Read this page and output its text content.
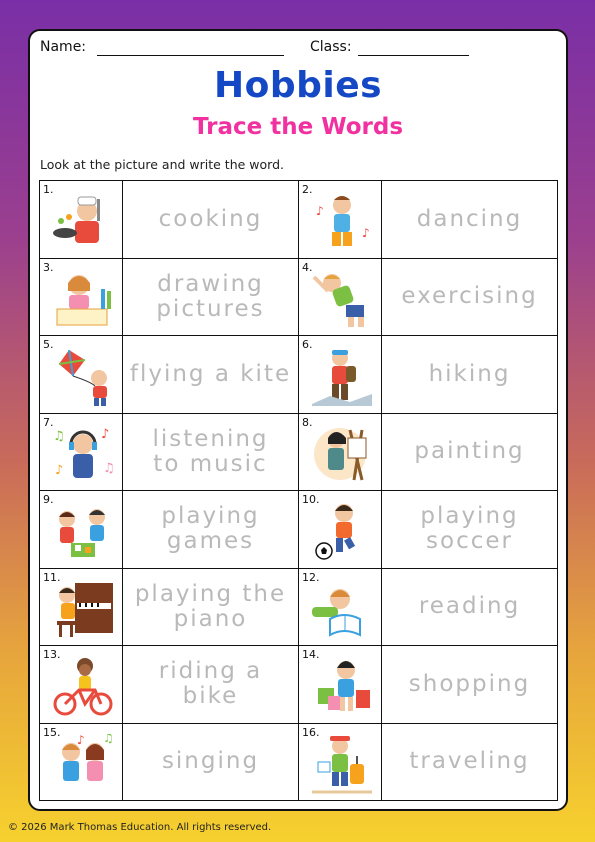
Name:	Class:
Hobbies
Trace the Words
Look at the picture and write the word.
1.	cooking	2.
♪
♪	dancing

3.	drawing
pictures	4.	exercising

5.	flying a kite	6.	hiking

7.
♫ ♪
♪ ♫	listening
to music	8.	painting

9.	playing
games	10.	playing
soccer

11.	playing the
piano	12.	reading

13.	riding a
bike	14.	shopping

15.
♪ ♫	singing	16.	traveling
© 2026 Mark Thomas Education. All rights reserved.
